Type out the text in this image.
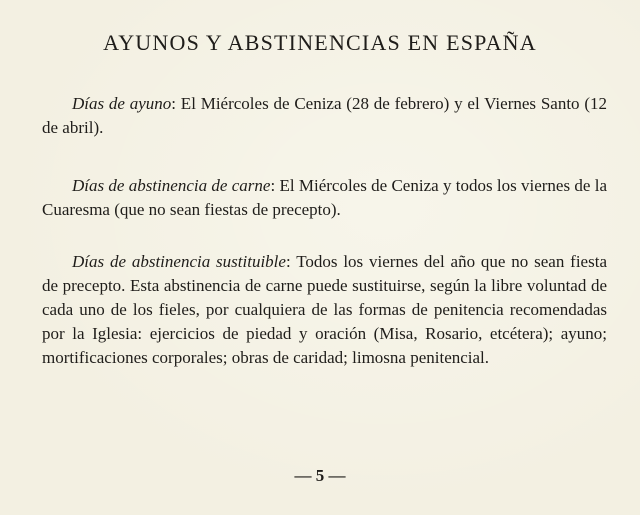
AYUNOS Y ABSTINENCIAS EN ESPAÑA

Días de ayuno: El Miércoles de Ceniza (28 de febrero) y el Viernes Santo (12 de abril).

Días de abstinencia de carne: El Miércoles de Ceniza y todos los viernes de la Cuaresma (que no sean fiestas de precepto).

Días de abstinencia sustituible: Todos los viernes del año que no sean fiesta de precepto. Esta abstinencia de carne puede sustituirse, según la libre voluntad de cada uno de los fieles, por cualquiera de las formas de penitencia recomendadas por la Iglesia: ejercicios de piedad y oración (Misa, Rosario, etcétera); ayuno; mortificaciones corporales; obras de caridad; limosna penitencial.

— 5 —
